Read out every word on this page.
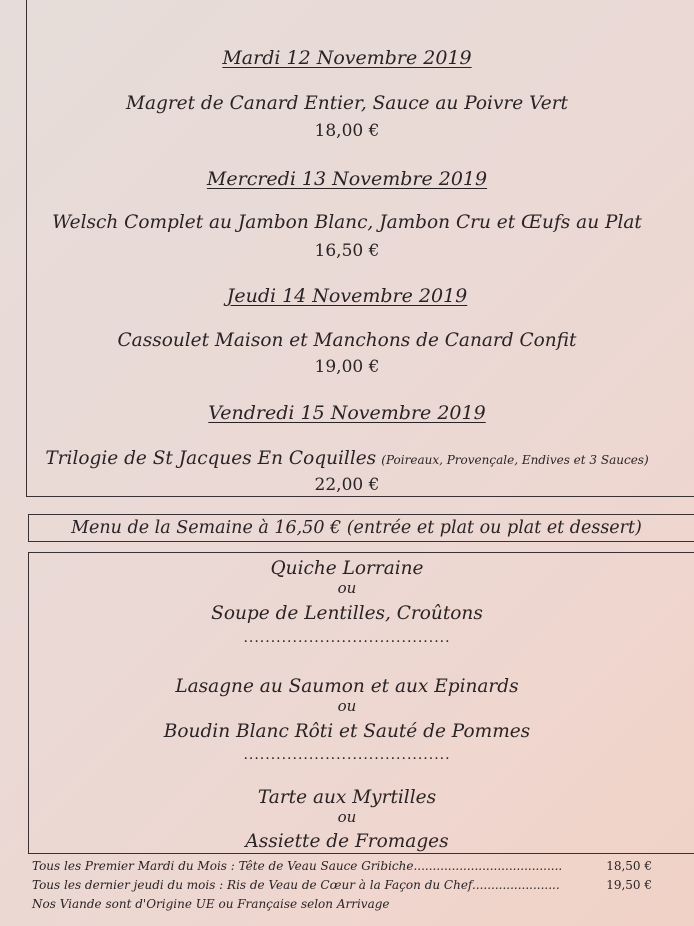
Mardi 12 Novembre 2019
Magret de Canard Entier, Sauce au Poivre Vert
18,00 €
Mercredi 13 Novembre 2019
Welsch Complet au Jambon Blanc, Jambon Cru et Œufs au Plat
16,50 €
Jeudi 14 Novembre 2019
Cassoulet Maison et Manchons de Canard Confit
19,00 €
Vendredi 15 Novembre 2019
Trilogie de St Jacques En Coquilles (Poireaux, Provençale, Endives et 3 Sauces)
22,00 €
Menu de la Semaine à 16,50 € (entrée et plat ou plat et dessert)
Quiche Lorraine
ou
Soupe de Lentilles, Croûtons
......................................
Lasagne au Saumon et aux Epinards
ou
Boudin Blanc Rôti et Sauté de Pommes
......................................
Tarte aux Myrtilles
ou
Assiette de Fromages
Tous les Premier Mardi du Mois : Tête de Veau Sauce Gribiche.......................................	18,50 €
Tous les dernier jeudi du mois : Ris de Veau de Cœur à la Façon du Chef.......................	19,50 €
Nos Viande sont d'Origine UE ou Française selon Arrivage
